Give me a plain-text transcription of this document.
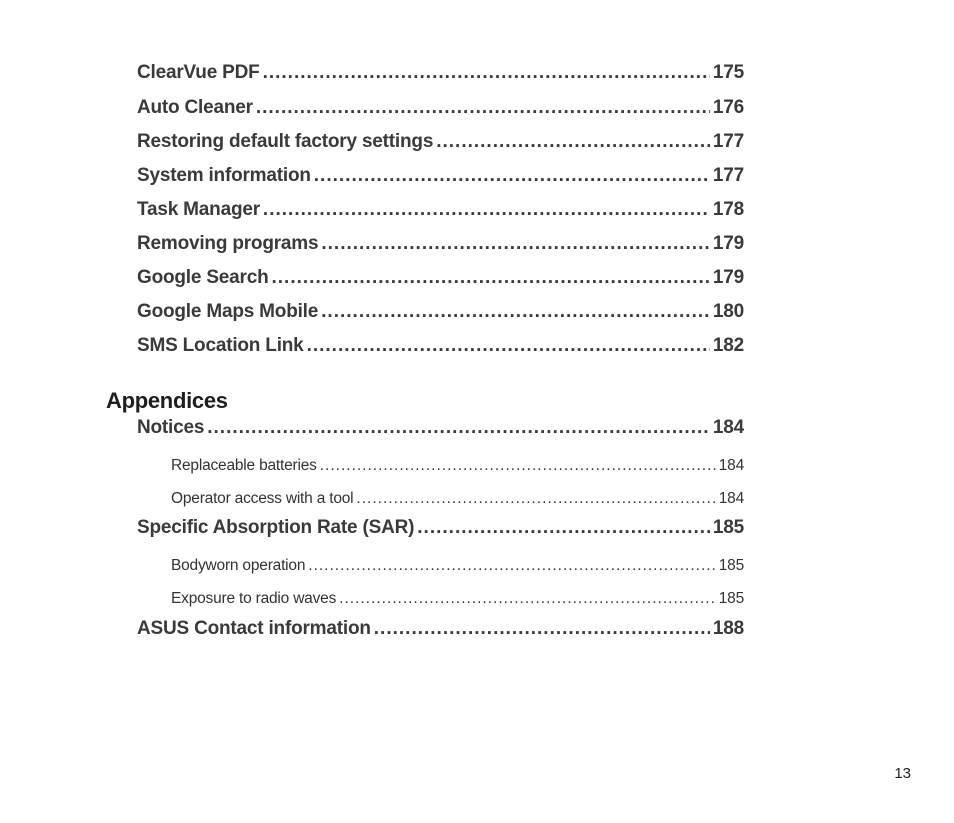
ClearVue PDF .....	175
Auto Cleaner .....	176
Restoring default factory settings .....	177
System information .....	177
Task Manager .....	178
Removing programs .....	179
Google Search .....	179
Google Maps Mobile .....	180
SMS Location Link .....	182
Appendices
Notices .....	184
Replaceable batteries .....	184
Operator access with a tool .....	184
Specific Absorption Rate (SAR) .....	185
Bodyworn operation .....	185
Exposure to radio waves .....	185
ASUS Contact information .....	188
13
